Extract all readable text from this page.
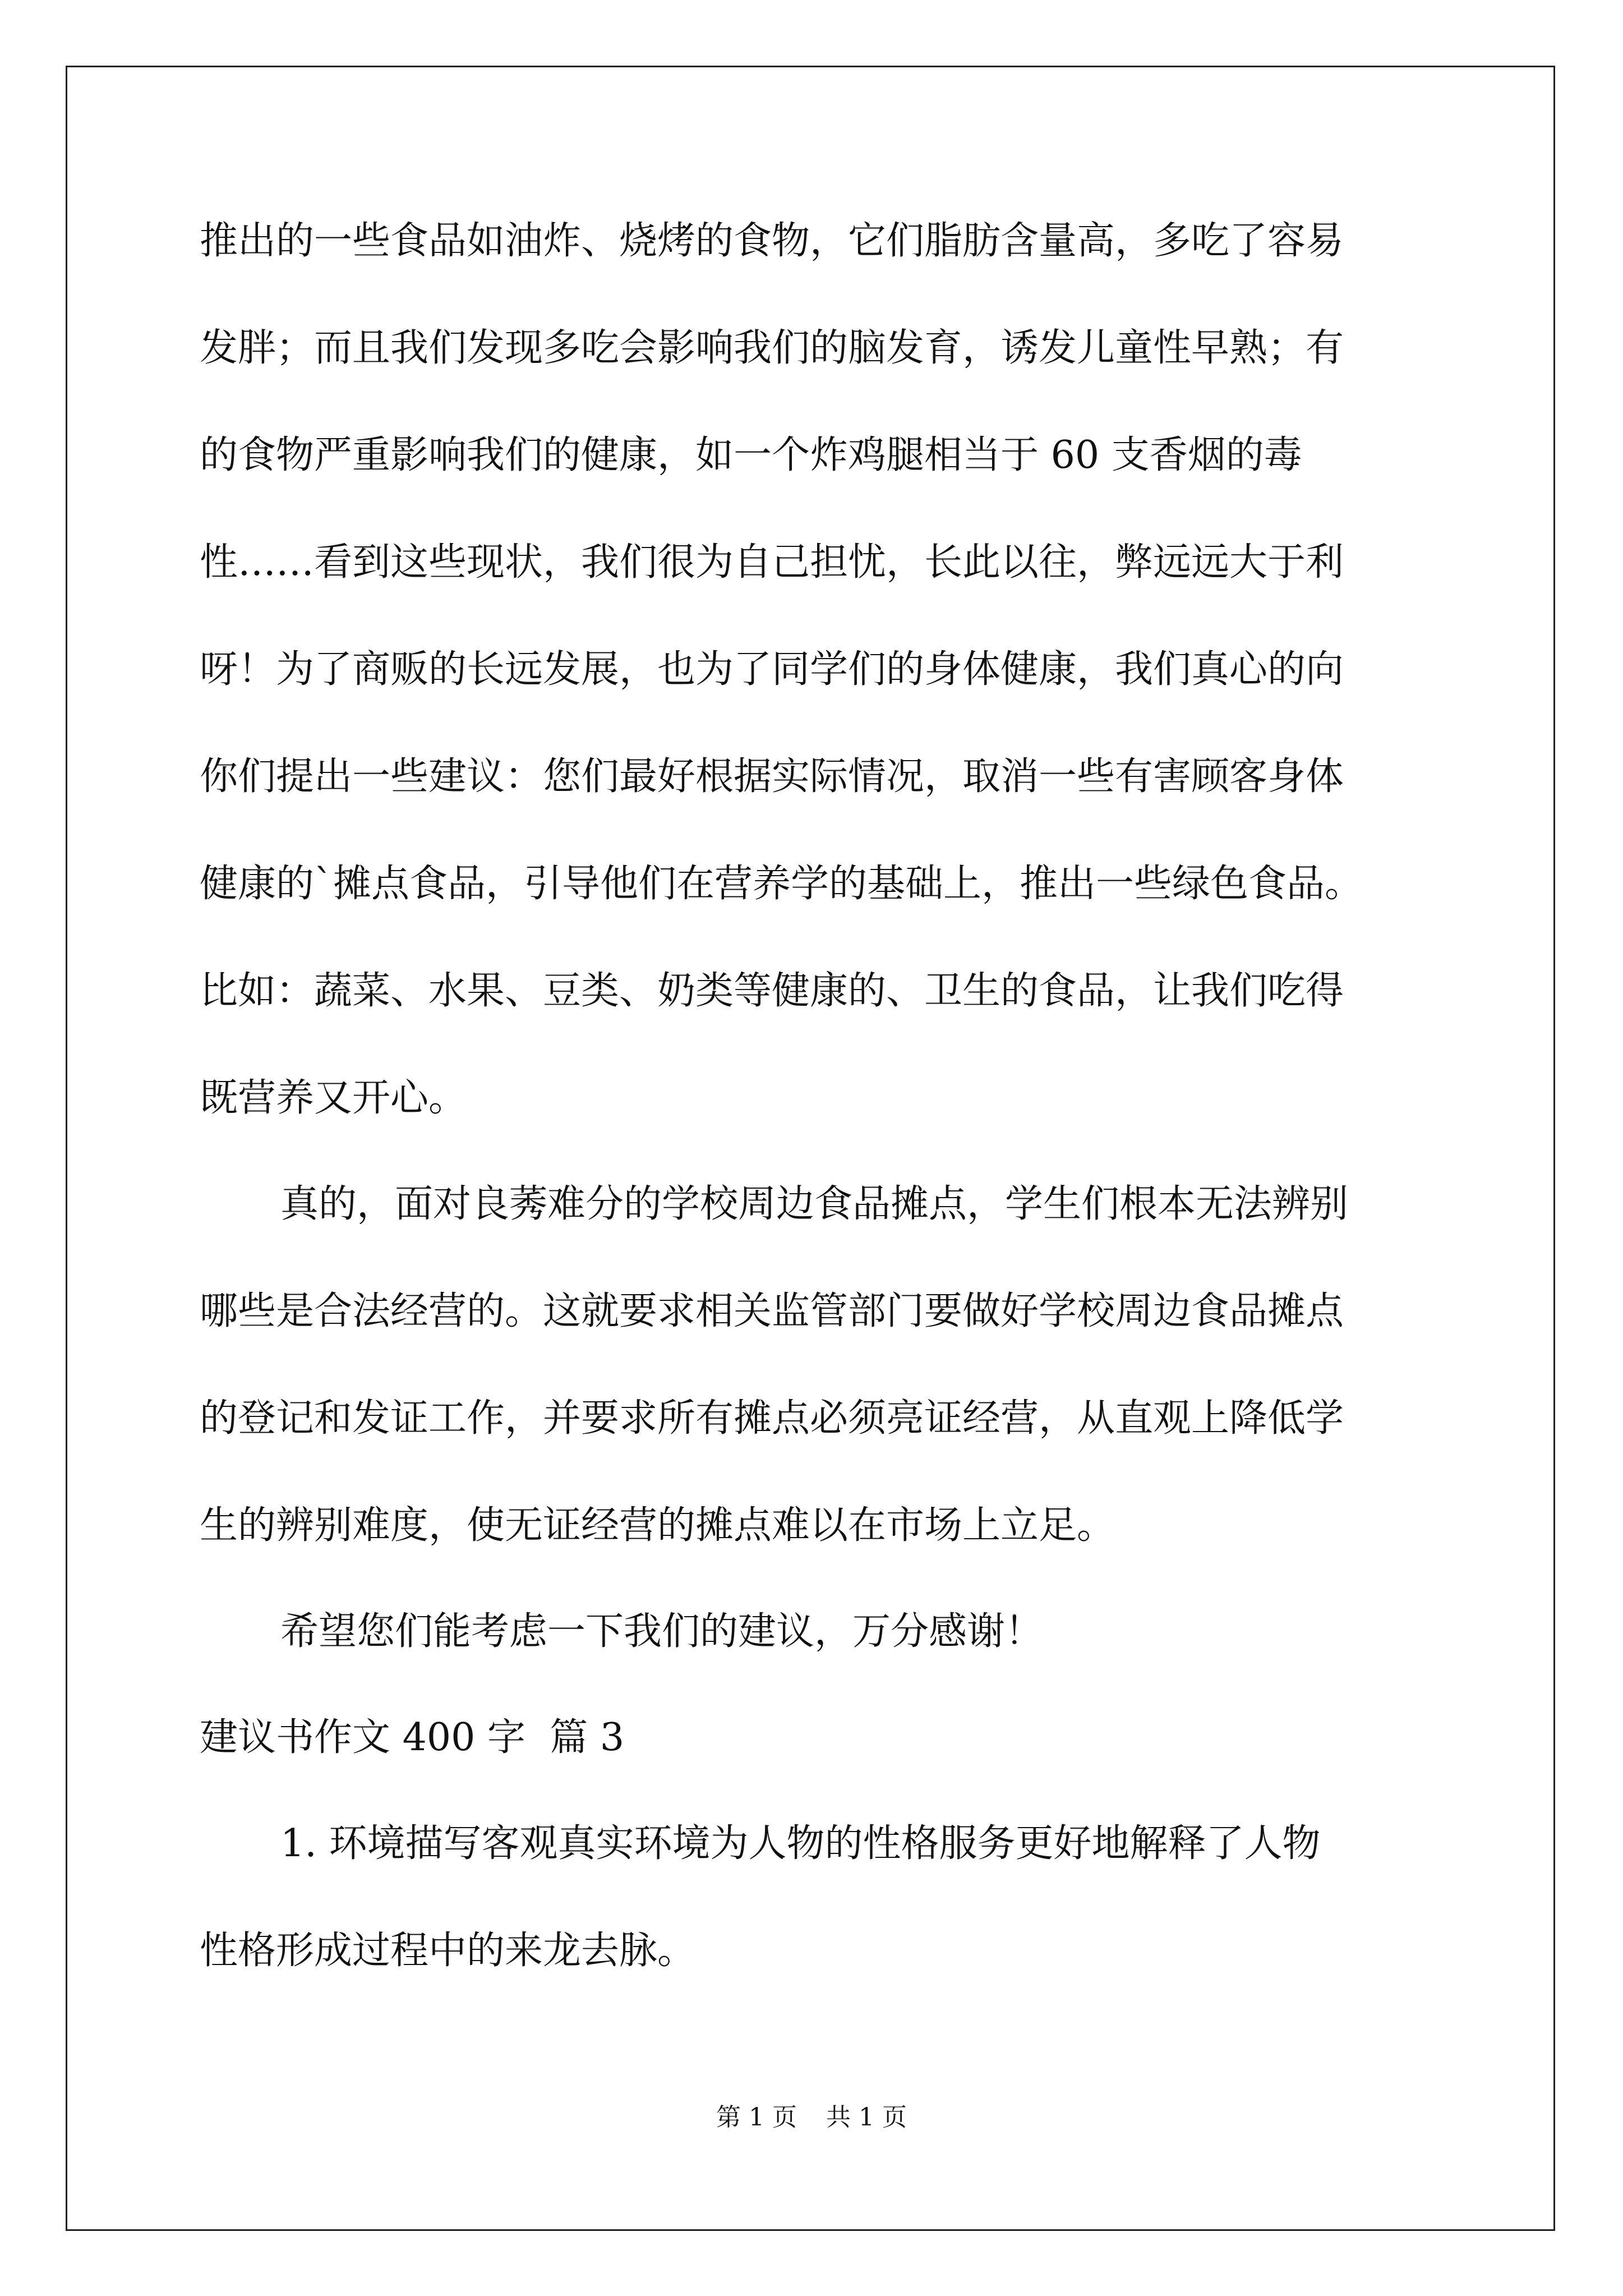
推出的一些食品如油炸、烧烤的食物，它们脂肪含量高，多吃了容易
发胖；而且我们发现多吃会影响我们的脑发育，诱发儿童性早熟；有
的食物严重影响我们的健康，如一个炸鸡腿相当于 60 支香烟的毒
性……看到这些现状，我们很为自己担忧，长此以往，弊远远大于利
呀！为了商贩的长远发展，也为了同学们的身体健康，我们真心的向
你们提出一些建议：您们最好根据实际情况，取消一些有害顾客身体
健康的`摊点食品，引导他们在营养学的基础上，推出一些绿色食品。
比如：蔬菜、水果、豆类、奶类等健康的、卫生的食品，让我们吃得
既营养又开心。
真的，面对良莠难分的学校周边食品摊点，学生们根本无法辨别
哪些是合法经营的。这就要求相关监管部门要做好学校周边食品摊点
的登记和发证工作，并要求所有摊点必须亮证经营，从直观上降低学
生的辨别难度，使无证经营的摊点难以在市场上立足。
希望您们能考虑一下我们的建议，万分感谢！
建议书作文 400 字  篇 3
1. 环境描写客观真实环境为人物的性格服务更好地解释了人物
性格形成过程中的来龙去脉。
第 1 页 共 1 页
